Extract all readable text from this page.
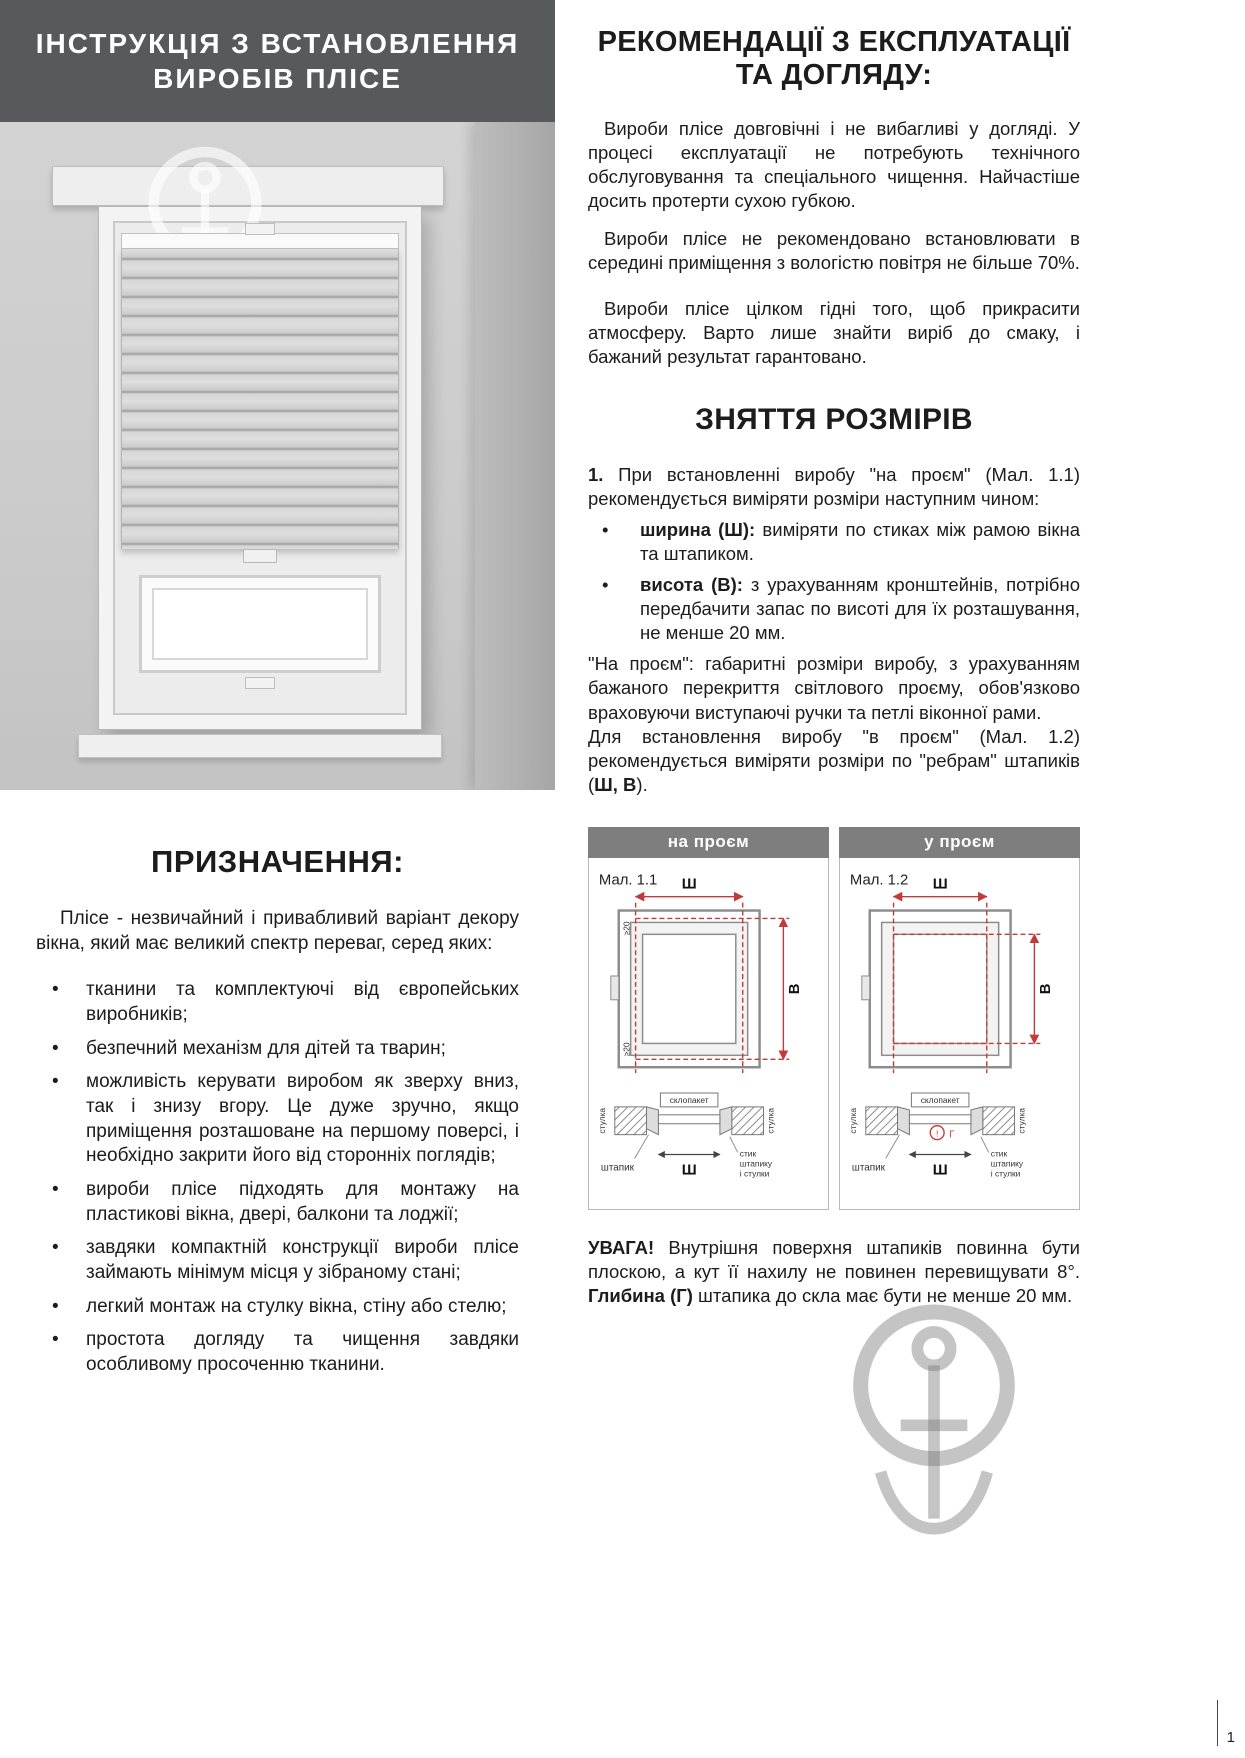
ІНСТРУКЦІЯ З ВСТАНОВЛЕННЯ
ВИРОБІВ ПЛІСЕ
ПРИЗНАЧЕННЯ:

Плісе - незвичайний і привабливий варіант декору вікна, який має великий спектр переваг, серед яких:

• тканини та комплектуючі від європейських виробників;
• безпечний механізм для дітей та тварин;
• можливість керувати виробом як зверху вниз, так і знизу вгору. Це дуже зручно, якщо приміщення розташоване на першому поверсі, і необхідно закрити його від сторонніх поглядів;
• вироби плісе підходять для монтажу на пластикові вікна, двері, балкони та лоджії;
• завдяки компактній конструкції вироби плісе займають мінімум місця у зібраному стані;
• легкий монтаж на стулку вікна, стіну або стелю;
• простота догляду та чищення завдяки особливому просоченню тканини.
РЕКОМЕНДАЦІЇ З ЕКСПЛУАТАЦІЇ
ТА ДОГЛЯДУ:

Вироби плісе довговічні і не вибагливі у догляді. У процесі експлуатації не потребують технічного обслуговування та спеціального чищення. Найчастіше досить протерти сухою губкою.

Вироби плісе не рекомендовано встановлювати в середині приміщення з вологістю повітря не більше 70%.

Вироби плісе цілком гідні того, щоб прикрасити атмосферу. Варто лише знайти виріб до смаку, і бажаний результат гарантовано.

ЗНЯТТЯ РОЗМІРІВ

1. При встановленні виробу "на проєм" (Мал. 1.1) рекомендується виміряти розміри наступним чином:

• ширина (Ш): виміряти по стиках між рамою вікна та штапиком.
• висота (В): з урахуванням кронштейнів, потрібно передбачити запас по висоті для їх розташування, не менше 20 мм.

"На проєм": габаритні розміри виробу, з урахуванням бажаного перекриття світлового проєму, обов'язково враховуючи виступаючі ручки та петлі віконної рами.

Для встановлення виробу "в проєм" (Мал. 1.2) рекомендується виміряти розміри по "ребрам" штапиків (Ш, В).

на проєм
Мал. 1.1 Ш
В
≥20
≥20
склопакет
стулка	стулка
штапик	Ш
стик
штапику
і стулки
у проєм
Мал. 1.2 Ш
В
склопакет
стулка	стулка
! Г
штапик	Ш
стик
штапику
і стулки

УВАГА! Внутрішня поверхня штапиків повинна бути плоскою, а кут її нахилу не повинен перевищувати 8°. Глибина (Г) штапика до скла має бути не менше 20 мм.

1
